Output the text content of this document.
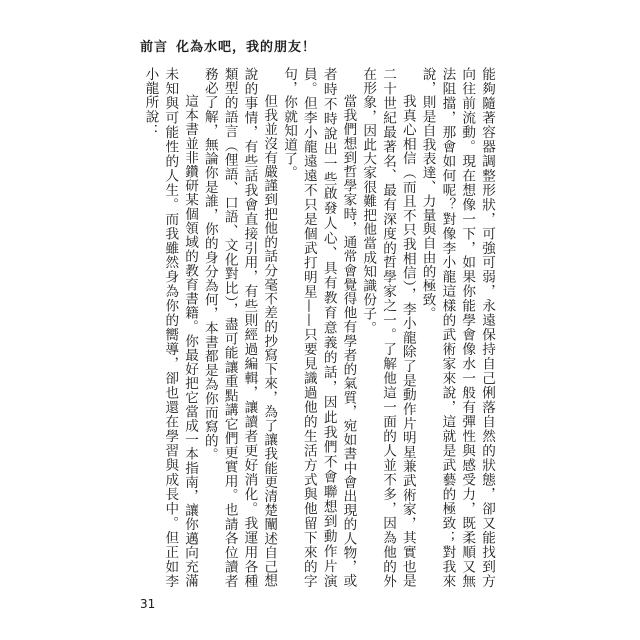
前言 化為水吧，我的朋友！

能夠隨著容器調整形狀，可強可弱，永遠保持自己俐落自然的狀態，卻又能找到方向往前流動。現在想像一下，如果你能學會像水一般有彈性與感受力，既柔順又無法阻擋，那會如何呢？對像李小龍這樣的武術家來說，這就是武藝的極致；對我來說，則是自我表達、力量與自由的極致。

我真心相信（而且不只我相信），李小龍除了是動作片明星兼武術家，其實也是二十世紀最著名、最有深度的哲學家之一。了解他這一面的人並不多，因為他的外在形象，因此大家很難把他當成知識份子。

當我們想到哲學家時，通常會覺得他有學者的氣質，宛如書中會出現的人物，或者時不時說出一些啟發人心、具有教育意義的話，因此我們不會聯想到動作片演員。但李小龍遠遠不只是個武打明星——只要見識過他的生活方式與他留下來的字句，你就知道了。

但我並沒有嚴謹到把他的話分毫不差的抄寫下來，為了讓我能更清楚闡述自己想說的事情，有些話我會直接引用，有些則經過編輯，讓讀者更好消化。我運用各種類型的語言（俚語、口語、文化對比），盡可能讓重點講它們更實用。也請各位讀者務必了解，無論你是誰，你的身分為何，本書都是為你而寫的。

這本書並非鑽研某個領域的教育書籍。你最好把它當成一本指南，讓你邁向充滿未知與可能性的人生。而我雖然身為你的嚮導，卻也還在學習與成長中。但正如李小龍所說：

31
